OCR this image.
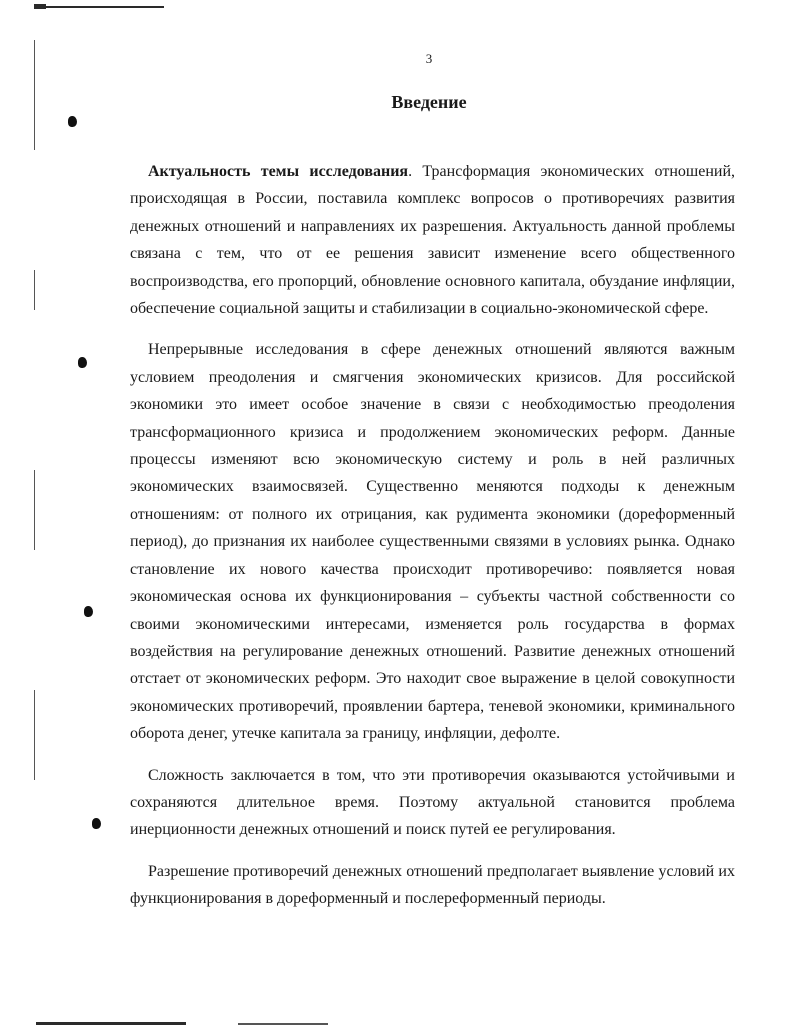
3
Введение

Актуальность темы исследования. Трансформация экономических отношений, происходящая в России, поставила комплекс вопросов о противоречиях развития денежных отношений и направлениях их разрешения. Актуальность данной проблемы связана с тем, что от ее решения зависит изменение всего общественного воспроизводства, его пропорций, обновление основного капитала, обуздание инфляции, обеспечение социальной защиты и стабилизации в социально-экономической сфере.

Непрерывные исследования в сфере денежных отношений являются важным условием преодоления и смягчения экономических кризисов. Для российской экономики это имеет особое значение в связи с необходимостью преодоления трансформационного кризиса и продолжением экономических реформ. Данные процессы изменяют всю экономическую систему и роль в ней различных экономических взаимосвязей. Существенно меняются подходы к денежным отношениям: от полного их отрицания, как рудимента экономики (дореформенный период), до признания их наиболее существенными связями в условиях рынка. Однако становление их нового качества происходит противоречиво: появляется новая экономическая основа их функционирования – субъекты частной собственности со своими экономическими интересами, изменяется роль государства в формах воздействия на регулирование денежных отношений. Развитие денежных отношений отстает от экономических реформ. Это находит свое выражение в целой совокупности экономических противоречий, проявлении бартера, теневой экономики, криминального оборота денег, утечке капитала за границу, инфляции, дефолте.

Сложность заключается в том, что эти противоречия оказываются устойчивыми и сохраняются длительное время. Поэтому актуальной становится проблема инерционности денежных отношений и поиск путей ее регулирования.

Разрешение противоречий денежных отношений предполагает выявление условий их функционирования в дореформенный и послереформенный периоды.
